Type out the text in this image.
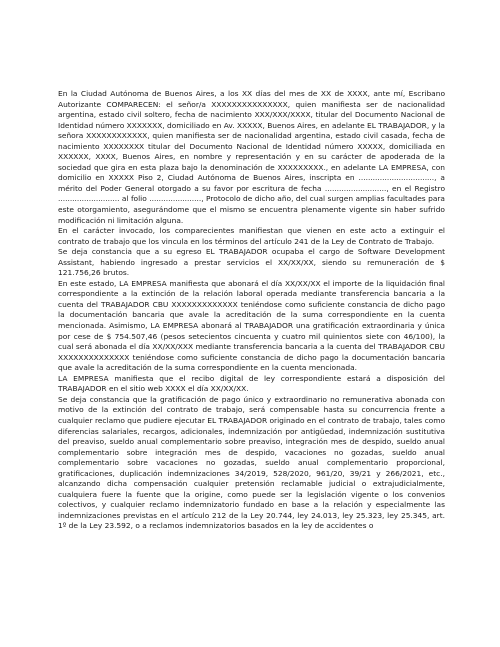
En la Ciudad Autónoma de Buenos Aires, a los XX días del mes de XX de XXXX, ante mí, Escribano Autorizante COMPARECEN: el señor/a XXXXXXXXXXXXXXX, quien manifiesta ser de nacionalidad argentina, estado civil soltero, fecha de nacimiento XXX/XXX/XXXX, titular del Documento Nacional de Identidad número XXXXXXX, domiciliado en Av. XXXXX, Buenos Aires, en adelante EL TRABAJADOR, y la señora XXXXXXXXXXXX, quien manifiesta ser de nacionalidad argentina, estado civil casada, fecha de nacimiento XXXXXXXX titular del Documento Nacional de Identidad número XXXXX, domiciliada en XXXXXX, XXXX, Buenos Aires, en nombre y representación y en su carácter de apoderada de la sociedad que gira en esta plaza bajo la denominación de XXXXXXXXX., en adelante LA EMPRESA, con domicilio en XXXXX Piso 2, Ciudad Autónoma de Buenos Aires, inscripta en ................................, a mérito del Poder General otorgado a su favor por escritura de fecha .........................., en el Registro .......................... al folio ......................, Protocolo de dicho año, del cual surgen amplias facultades para este otorgamiento, asegurándome que el mismo se encuentra plenamente vigente sin haber sufrido modificación ni limitación alguna.

En el carácter invocado, los comparecientes manifiestan que vienen en este acto a extinguir el contrato de trabajo que los vincula en los términos del artículo 241 de la Ley de Contrato de Trabajo.

Se deja constancia que a su egreso EL TRABAJADOR ocupaba el cargo de Software Development Assistant, habiendo ingresado a prestar servicios el XX/XX/XX, siendo su remuneración de $ 121.756,26 brutos.

En este estado, LA EMPRESA manifiesta que abonará el día XX/XX/XX el importe de la liquidación final correspondiente a la extinción de la relación laboral operada mediante transferencia bancaria a la cuenta del TRABAJADOR CBU XXXXXXXXXXXXX teniéndose como suficiente constancia de dicho pago la documentación bancaria que avale la acreditación de la suma correspondiente en la cuenta mencionada. Asimismo, LA EMPRESA abonará al TRABAJADOR una gratificación extraordinaria y única por cese de $ 754.507,46 (pesos setecientos cincuenta y cuatro mil quinientos siete con 46/100), la cual será abonada el día XX/XX/XXX mediante transferencia bancaria a la cuenta del TRABAJADOR CBU XXXXXXXXXXXXXX teniéndose como suficiente constancia de dicho pago la documentación bancaria que avale la acreditación de la suma correspondiente en la cuenta mencionada.

LA EMPRESA manifiesta que el recibo digital de ley correspondiente estará a disposición del TRABAJADOR en el sitio web XXXX el día XX/XX/XX.

Se deja constancia que la gratificación de pago único y extraordinario no remunerativa abonada con motivo de la extinción del contrato de trabajo, será compensable hasta su concurrencia frente a cualquier reclamo que pudiere ejecutar EL TRABAJADOR originado en el contrato de trabajo, tales como diferencias salariales, recargos, adicionales, indemnización por antigüedad, indemnización sustitutiva del preaviso, sueldo anual complementario sobre preaviso, integración mes de despido, sueldo anual complementario sobre integración mes de despido, vacaciones no gozadas, sueldo anual complementario sobre vacaciones no gozadas, sueldo anual complementario proporcional, gratificaciones, duplicación indemnizaciones 34/2019, 528/2020, 961/20, 39/21 y 266/2021, etc., alcanzando dicha compensación cualquier pretensión reclamable judicial o extrajudicialmente, cualquiera fuere la fuente que la origine, como puede ser la legislación vigente o los convenios colectivos, y cualquier reclamo indemnizatorio fundado en base a la relación y especialmente las indemnizaciones previstas en el artículo 212 de la Ley 20.744, ley 24.013, ley 25.323, ley 25.345, art. 1º de la Ley 23.592, o a reclamos indemnizatorios basados en la ley de accidentes o
